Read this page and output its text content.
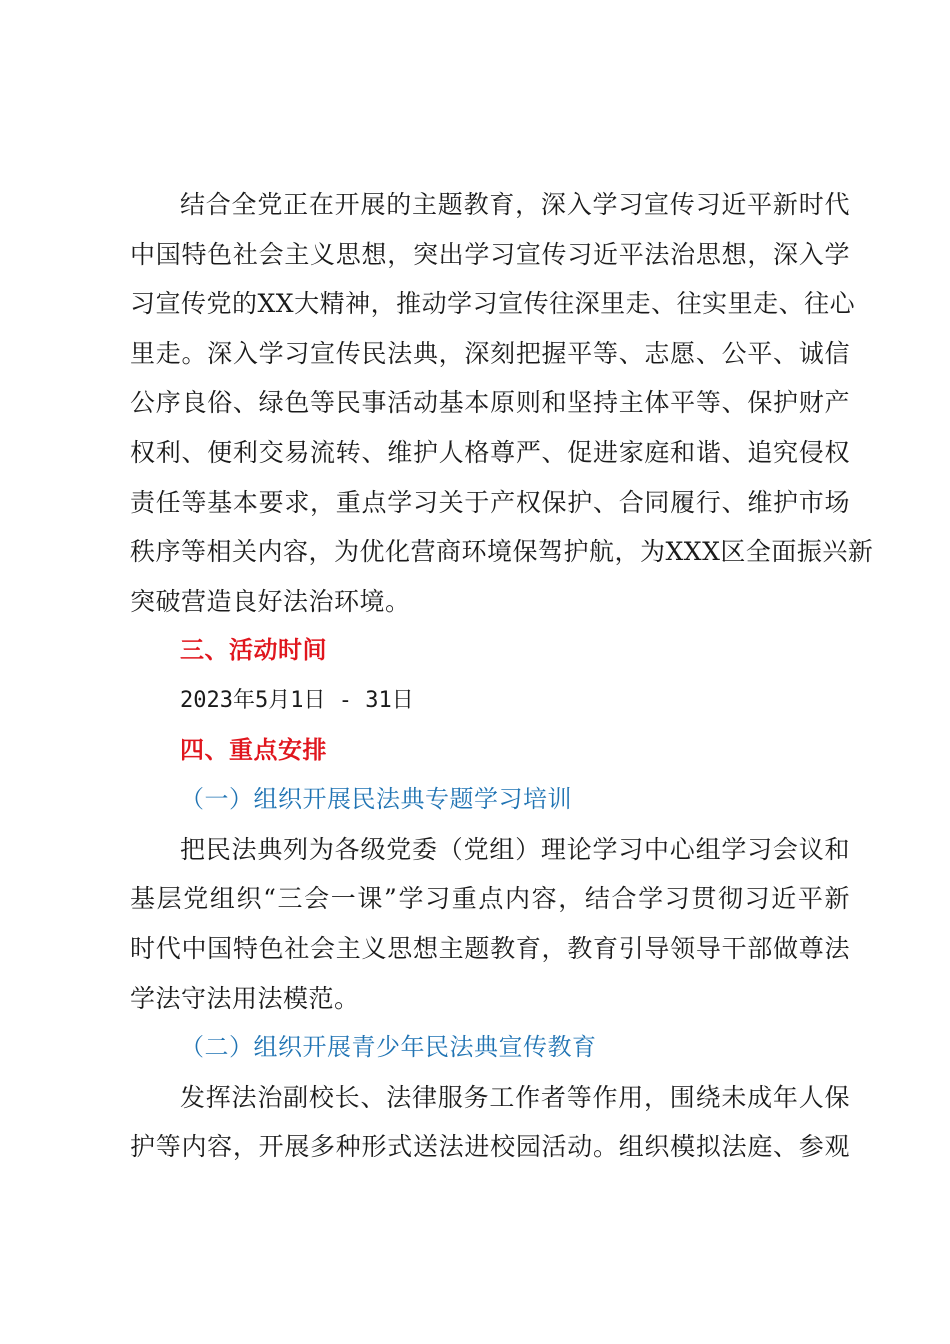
结合全党正在开展的主题教育，深入学习宣传习近平新时代
中国特色社会主义思想，突出学习宣传习近平法治思想，深入学
习宣传党的XX大精神，推动学习宣传往深里走、往实里走、往心
里走。深入学习宣传民法典，深刻把握平等、志愿、公平、诚信
公序良俗、绿色等民事活动基本原则和坚持主体平等、保护财产
权利、便利交易流转、维护人格尊严、促进家庭和谐、追究侵权
责任等基本要求，重点学习关于产权保护、合同履行、维护市场
秩序等相关内容，为优化营商环境保驾护航，为XXX区全面振兴新
突破营造良好法治环境。

三、活动时间

2023年5月1日 - 31日

四、重点安排

（一）组织开展民法典专题学习培训

把民法典列为各级党委（党组）理论学习中心组学习会议和
基层党组织“三会一课”学习重点内容，结合学习贯彻习近平新
时代中国特色社会主义思想主题教育，教育引导领导干部做尊法
学法守法用法模范。

（二）组织开展青少年民法典宣传教育

发挥法治副校长、法律服务工作者等作用，围绕未成年人保
护等内容，开展多种形式送法进校园活动。组织模拟法庭、参观
